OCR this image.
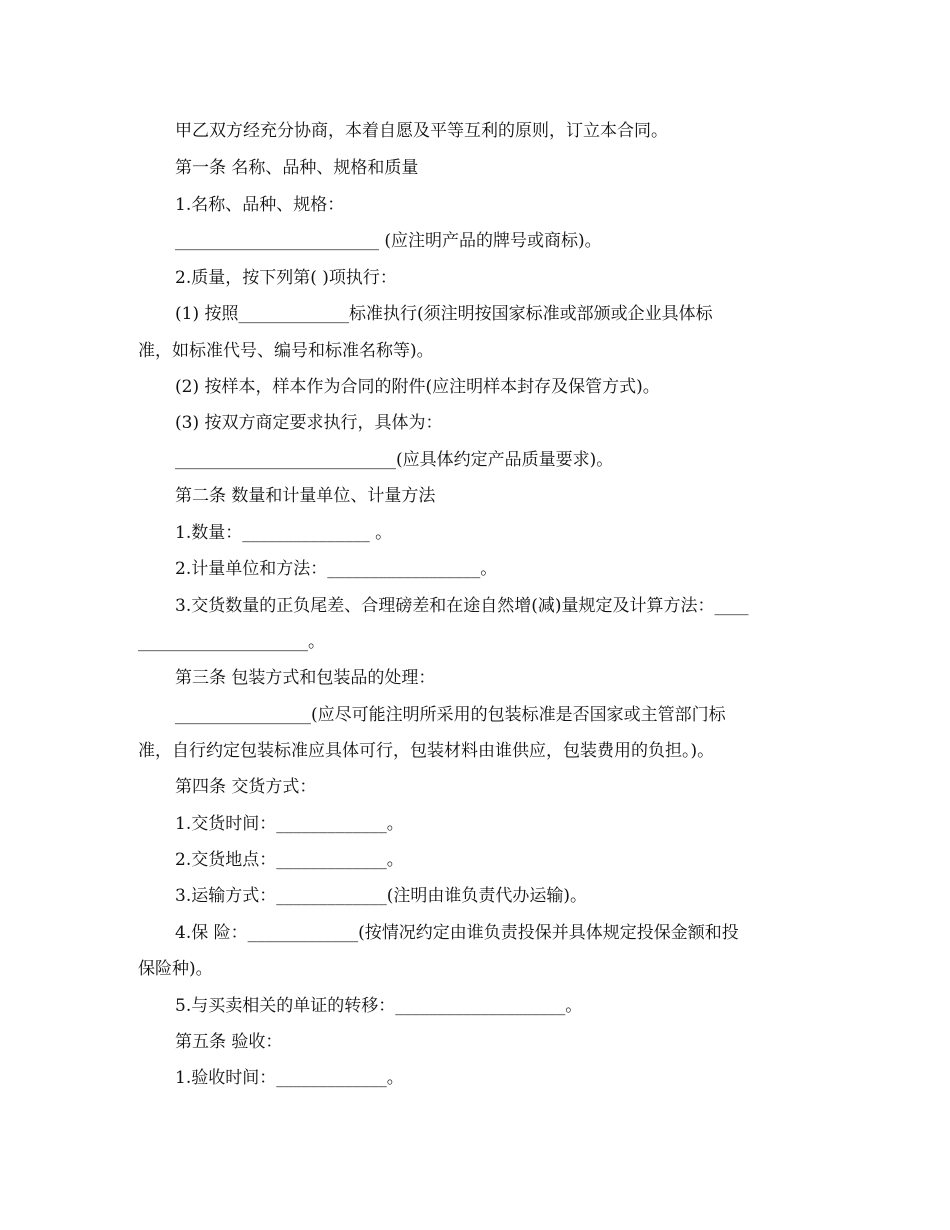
甲乙双方经充分协商，本着自愿及平等互利的原则，订立本合同。
第一条 名称、品种、规格和质量
1.名称、品种、规格：
________________________ (应注明产品的牌号或商标)。
2.质量，按下列第( )项执行：
(1) 按照_____________标准执行(须注明按国家标准或部颁或企业具体标
准，如标准代号、编号和标准名称等)。
(2) 按样本，样本作为合同的附件(应注明样本封存及保管方式)。
(3) 按双方商定要求执行，具体为：
__________________________(应具体约定产品质量要求)。
第二条 数量和计量单位、计量方法
1.数量：_______________ 。
2.计量单位和方法：__________________。
3.交货数量的正负尾差、合理磅差和在途自然增(减)量规定及计算方法：____
____________________。
第三条 包装方式和包装品的处理：
________________(应尽可能注明所采用的包装标准是否国家或主管部门标
准，自行约定包装标准应具体可行，包装材料由谁供应，包装费用的负担。)。
第四条 交货方式：
1.交货时间：_____________。
2.交货地点：_____________。
3.运输方式：_____________(注明由谁负责代办运输)。
4.保 险：_____________(按情况约定由谁负责投保并具体规定投保金额和投
保险种)。
5.与买卖相关的单证的转移：____________________。
第五条 验收：
1.验收时间：_____________。
